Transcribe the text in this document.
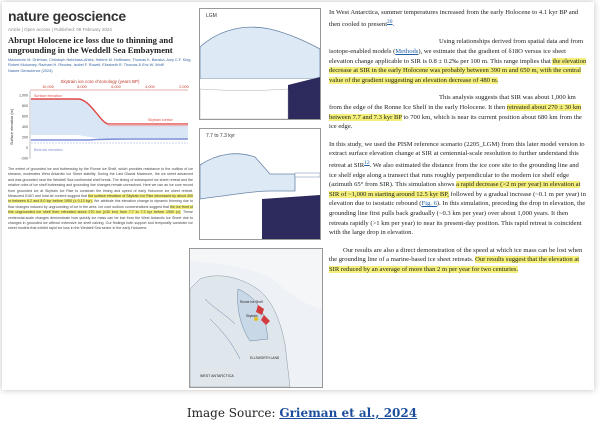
nature geoscience
Article | Open access | Published: 08 February 2024
Abrupt Holocene ice loss due to thinning and ungrounding in the Weddell Sea Embayment
Mackenzie M. Grieman, Christoph Nehrbass-Ahles, Helene M. Hoffmann, Thomas K. Bauska, Amy C.F. King, Robert Mulvaney, Rachael H. Rhodes, Isobel F. Rowell, Elizabeth R. Thomas & Eric W. Wolff
Nature Geoscience (2024)
Skytrain ice core chronology (years BP)
10,000	8,000	6,000	4,000	2,000
1,000
800
600
400
200
0
-200
Surface elevation (m)
Surface elevation
Skytrain Icerise
Bedrock elevation
The extent of grounded ice and buttressing by the Ronne Ice Shelf, which provides resistance to the outflow of ice streams, moderates West Antarctic Ice Sheet stability. During the Last Glacial Maximum, the ice sheet advanced and was grounded near the Weddell Sea continental shelf break. The timing of subsequent ice sheet retreat and the relative roles of ice shelf buttressing and grounding line changes remain unresolved. Here we use an ice core record from grounded ice at Skytrain Ice Rise to constrain the timing and speed of early Holocene ice sheet retreat. Measured δ18O and total air content suggest that the surface elevation of Skytrain Ice Rise decreased by about 450 m between 8.2 and 8.0 kyr before 1950 (± 0.13 kyr). We attribute this elevation change to dynamic thinning due to flow changes induced by ungrounding of ice in the area. Ice core sodium concentrations suggest that the ice front of this ungrounded ice shelf then retreated about 270 km (±30 km) from 7.7 to 7.3 kyr before 1950 (±). These centennial-scale changes demonstrate how quickly ice mass can be lost from the West Antarctic Ice Sheet due to changes in grounded ice without extensive ice shelf calving. Our findings both support and temporally constrain ice sheet models that exhibit rapid ice loss in the Weddell Sea sector in the early Holocene.
LGM
7.7 to 7.3 kyr
Skytrain
Ronne Ice Shelf
WEST ANTARCTICA
ELLSWORTH LAND

In West Antarctica, summer temperatures increased from the early Holocene to 4.1 kyr BP and then cooled to present$^{20}$.

Using relationships derived from spatial data and from isotope-enabled models (Methods), we estimate that the gradient of δ18O versus ice sheet elevation change applicable to SIR is 0.8 ± 0.2‰ per 100 m. This range implies that the elevation decrease at SIR in the early Holocene was probably between 390 m and 650 m, with the central value of the gradient suggesting an elevation decrease of 480 m.

This analysis suggests that SIR was about 1,000 km from the edge of the Ronne Ice Shelf in the early Holocene. It then retreated about 270 ± 30 km between 7.7 and 7.3 kyr BP to 700 km, which is near its current position about 680 km from the ice edge.

In this study, we used the PISM reference scenario (2205_LGM) from this later model version to extract surface elevation change at SIR at centennial-scale resolution to further understand this retreat at SIR$^{12}$. We also estimated the distance from the ice core site to the grounding line and ice shelf edge along a transect that runs roughly perpendicular to the modern ice shelf edge (azimuth 65° from SIR). This simulation shows a rapid decrease (>2 m per year) in elevation at SIR of ~1,000 m starting around 12.5 kyr BP, followed by a gradual increase (~0.1 m per year) in elevation due to isostatic rebound (Fig. 6). In this simulation, preceding the drop in elevation, the grounding line first pulls back gradually (~0.3 km per year) over about 1,000 years. It then retreats rapidly (>1 km per year) to near its present-day position. This rapid retreat is coincident with the large drop in elevation.

Our results are also a direct demonstration of the speed at which ice mass can be lost when the grounding line of a marine-based ice sheet retreats. Our results suggest that the elevation at SIR reduced by an average of more than 2 m per year for two centuries.

Image Source: Grieman et al., 2024
